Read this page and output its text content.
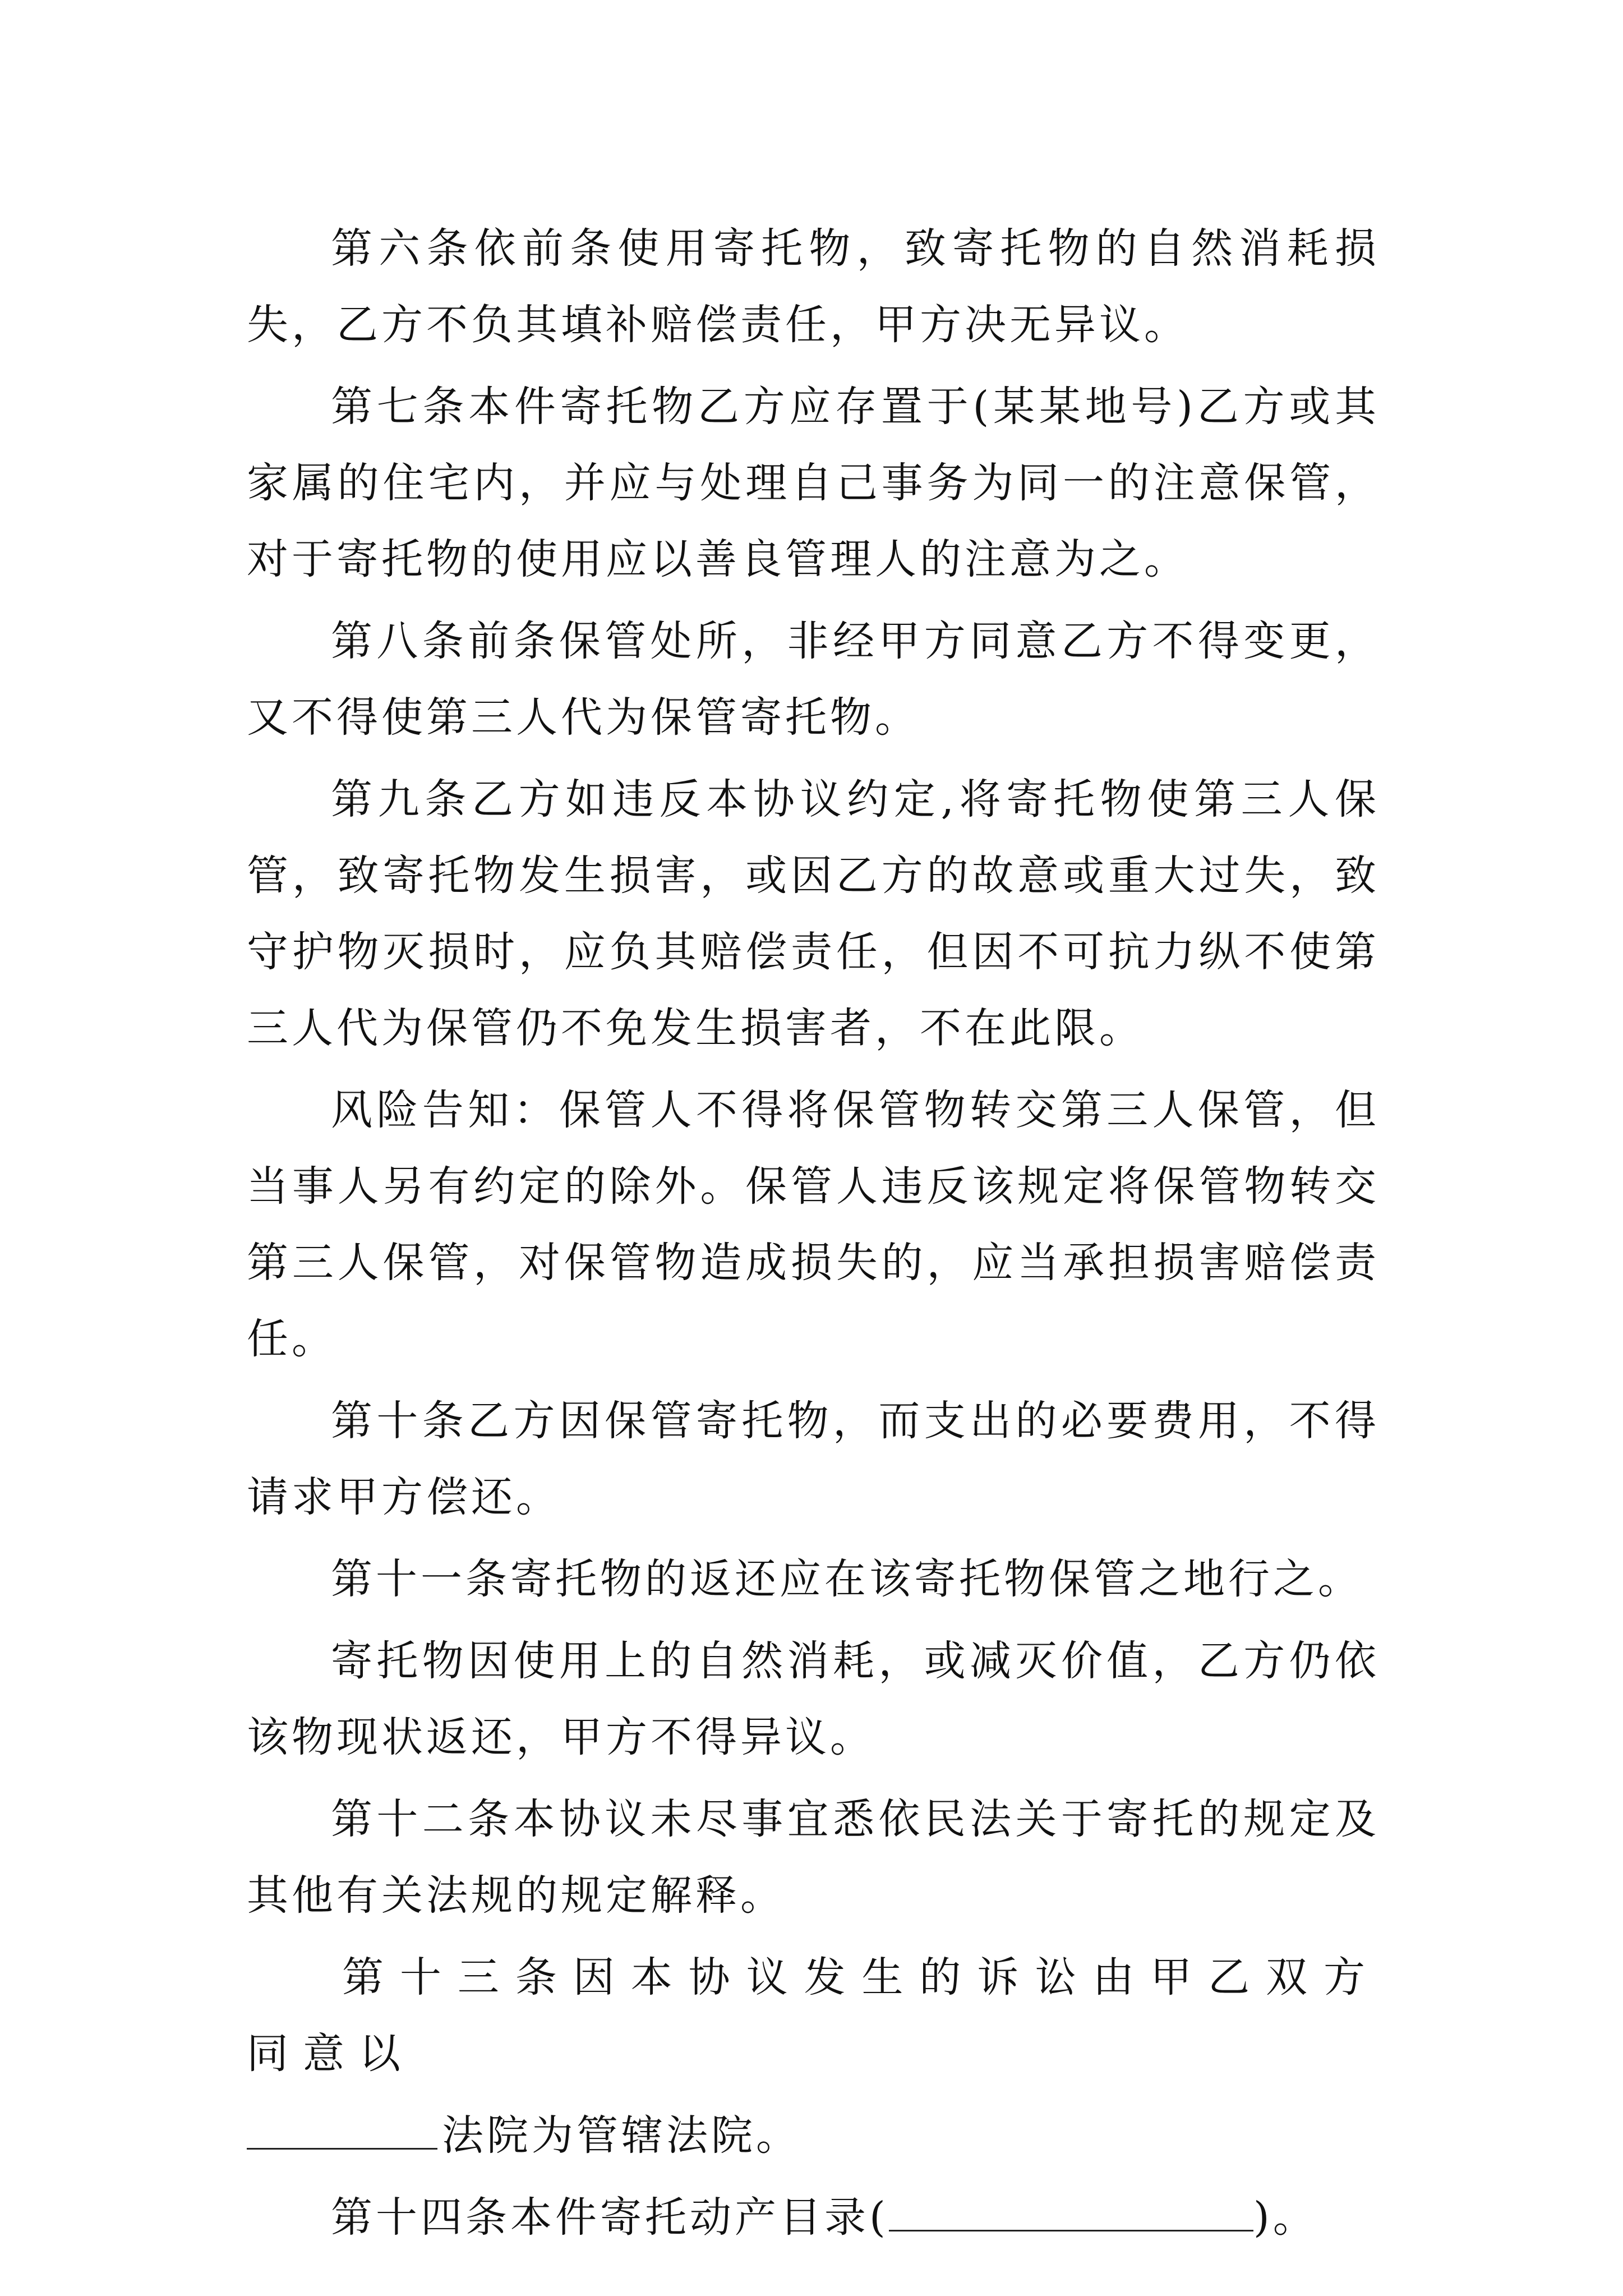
第六条依前条使用寄托物，致寄托物的自然消耗损失，乙方不负其填补赔偿责任，甲方决无异议。

第七条本件寄托物乙方应存置于(某某地号)乙方或其家属的住宅内，并应与处理自己事务为同一的注意保管，对于寄托物的使用应以善良管理人的注意为之。

第八条前条保管处所，非经甲方同意乙方不得变更，又不得使第三人代为保管寄托物。

第九条乙方如违反本协议约定,将寄托物使第三人保管，致寄托物发生损害，或因乙方的故意或重大过失，致守护物灭损时，应负其赔偿责任，但因不可抗力纵不使第三人代为保管仍不免发生损害者，不在此限。

风险告知：保管人不得将保管物转交第三人保管，但当事人另有约定的除外。保管人违反该规定将保管物转交第三人保管，对保管物造成损失的，应当承担损害赔偿责任。

第十条乙方因保管寄托物，而支出的必要费用，不得请求甲方偿还。

第十一条寄托物的返还应在该寄托物保管之地行之。

寄托物因使用上的自然消耗，或减灭价值，乙方仍依该物现状返还，甲方不得异议。

第十二条本协议未尽事宜悉依民法关于寄托的规定及其他有关法规的规定解释。

第十三条因本协议发生的诉讼由甲乙双方同意以

法院为管辖法院。

第十四条本件寄托动产目录(	)。
